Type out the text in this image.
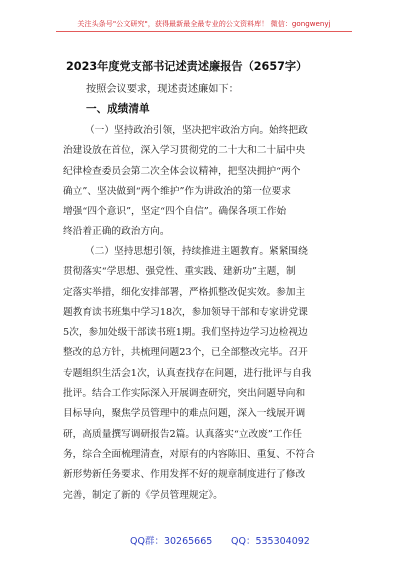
关注头条号"公文研究"，获得最新最全最专业的公文资料库！ 微信：gongwenyj
2023年度党支部书记述责述廉报告（2657字）
按照会议要求，现述责述廉如下：
一、成绩清单
（一）坚持政治引领，坚决把牢政治方向。始终把政
治建设放在首位，深入学习贯彻党的二十大和二十届中央
纪律检查委员会第二次全体会议精神，把坚决拥护“两个
确立”、坚决做到“两个维护”作为讲政治的第一位要求
增强“四个意识”，坚定“四个自信”。确保各项工作始
终沿着正确的政治方向。
（二）坚持思想引领，持续推进主题教育。紧紧围绕
贯彻落实“学思想、强党性、重实践、建新功”主题，制
定落实举措，细化安排部署，严格抓整改促实效。参加主
题教育读书班集中学习18次，参加领导干部和专家讲党课
5次，参加处级干部读书班1期。我们坚持边学习边检视边
整改的总方针，共梳理问题23个，已全部整改完毕。召开
专题组织生活会1次，认真查找存在问题，进行批评与自我
批评。结合工作实际深入开展调查研究，突出问题导向和
目标导向，聚焦学员管理中的难点问题，深入一线展开调
研，高质量撰写调研报告2篇。认真落实“立改废”工作任
务，综合全面梳理清查，对原有的内容陈旧、重复、不符合
新形势新任务要求、作用发挥不好的规章制度进行了修改
完善，制定了新的《学员管理规定》。
QQ群：30265665 QQ：535304092
